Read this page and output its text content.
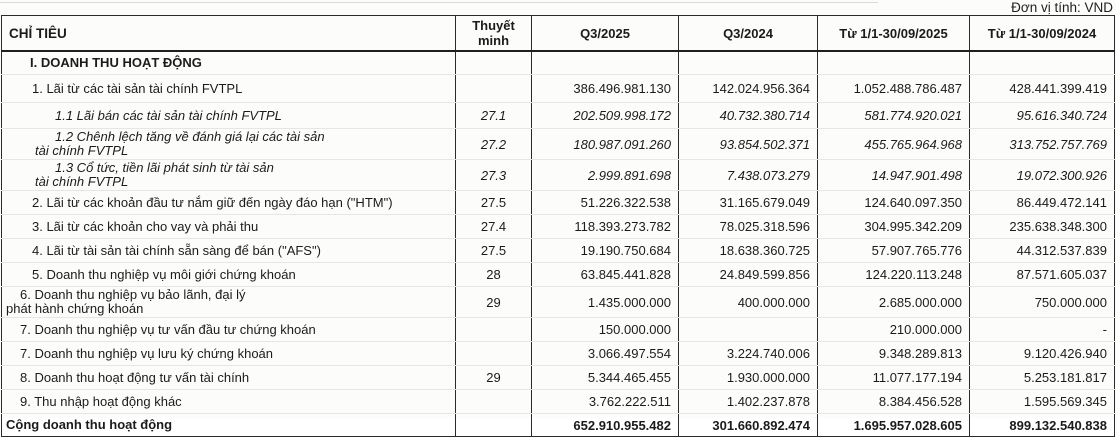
Đơn vị tính: VND
CHỈ TIÊU	Thuyết minh	Q3/2025	Q3/2024	Từ 1/1-30/09/2025	Từ 1/1-30/09/2024

I. DOANH THU HOẠT ĐỘNG					

1. Lãi từ các tài sản tài chính FVTPL		386.496.981.130	142.024.956.364	1.052.488.786.487	428.441.399.419

1.1 Lãi bán các tài sản tài chính FVTPL	27.1	202.509.998.172	40.732.380.714	581.774.920.021	95.616.340.724

1.2 Chênh lệch tăng về đánh giá lại các tài sản
tài chính FVTPL	27.2	180.987.091.260	93.854.502.371	455.765.964.968	313.752.757.769

1.3 Cổ tức, tiền lãi phát sinh từ tài sản
tài chính FVTPL	27.3	2.999.891.698	7.438.073.279	14.947.901.498	19.072.300.926

2. Lãi từ các khoản đầu tư nắm giữ đến ngày đáo hạn ("HTM")	27.5	51.226.322.538	31.165.679.049	124.640.097.350	86.449.472.141

3. Lãi từ các khoản cho vay và phải thu	27.4	118.393.273.782	78.025.318.596	304.995.342.209	235.638.348.300

4. Lãi từ tài sản tài chính sẵn sàng để bán ("AFS")	27.5	19.190.750.684	18.638.360.725	57.907.765.776	44.312.537.839

5. Doanh thu nghiệp vụ môi giới chứng khoán	28	63.845.441.828	24.849.599.856	124.220.113.248	87.571.605.037

6. Doanh thu nghiệp vụ bảo lãnh, đại lý
phát hành chứng khoán	29	1.435.000.000	400.000.000	2.685.000.000	750.000.000

7. Doanh thu nghiệp vụ tư vấn đầu tư chứng khoán		150.000.000		210.000.000	-

7. Doanh thu nghiệp vụ lưu ký chứng khoán		3.066.497.554	3.224.740.006	9.348.289.813	9.120.426.940

8. Doanh thu hoạt động tư vấn tài chính	29	5.344.465.455	1.930.000.000	11.077.177.194	5.253.181.817

9. Thu nhập hoạt động khác		3.762.222.511	1.402.237.878	8.384.456.528	1.595.569.345

Cộng doanh thu hoạt động		652.910.955.482	301.660.892.474	1.695.957.028.605	899.132.540.838
